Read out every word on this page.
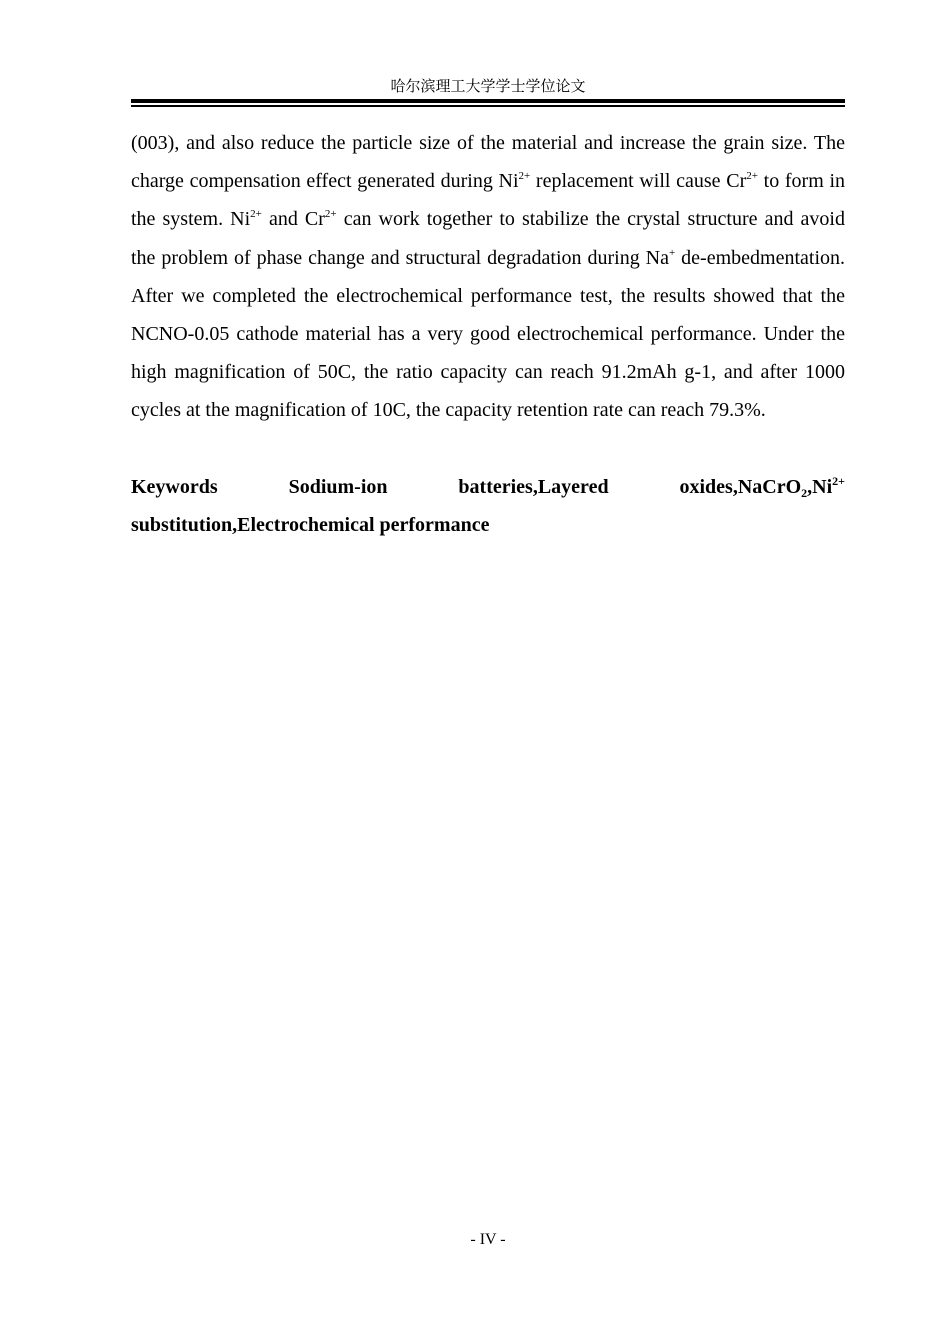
哈尔滨理工大学学士学位论文

(003), and also reduce the particle size of the material and increase the grain size. The charge compensation effect generated during $Ni^{2+}$ replacement will cause $Cr^{2+}$ to form in the system. $Ni^{2+}$ and $Cr^{2+}$ can work together to stabilize the crystal structure and avoid the problem of phase change and structural degradation during Na+ de-embedmentation. After we completed the electrochemical performance test, the results showed that the NCNO-0.05 cathode material has a very good electrochemical performance. Under the high magnification of 50C, the ratio capacity can reach 91.2mAh g-1, and after 1000 cycles at the magnification of 10C, the capacity retention rate can reach 79.3%.

Keywords	Sodium-ion	batteries,Layered	$oxides,NaCrO_2,Ni^{2+}$
substitution,Electrochemical performance
- IV -
